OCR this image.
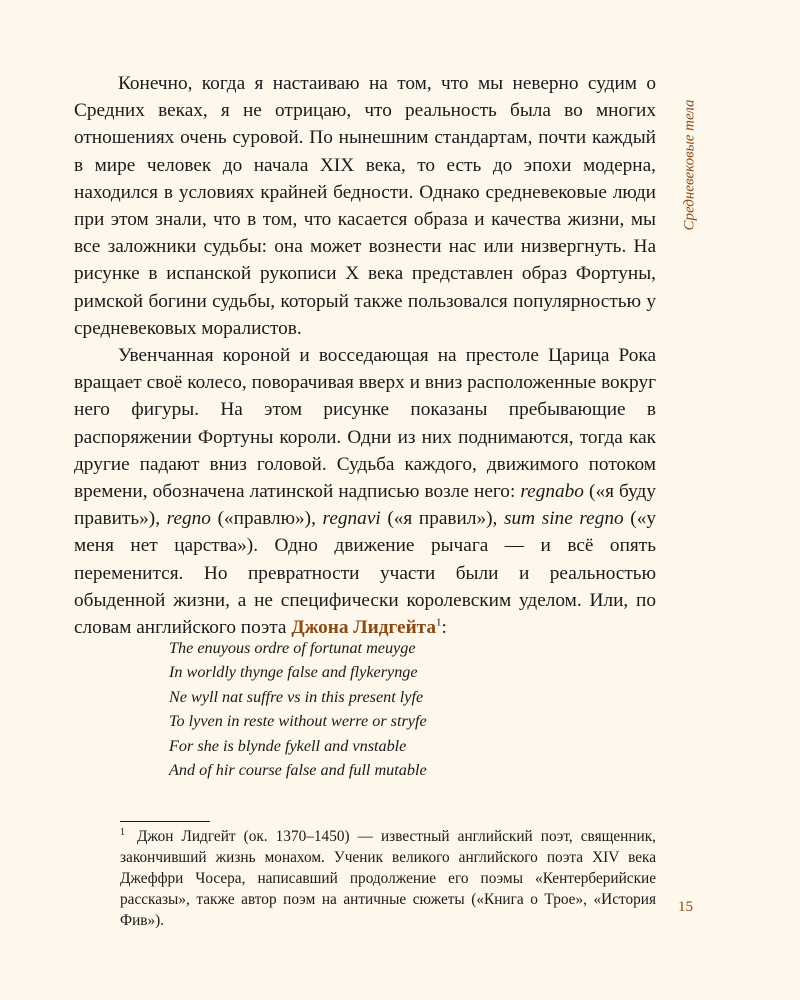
Средневековые тела

Конечно, когда я настаиваю на том, что мы неверно судим о Средних веках, я не отрицаю, что реальность была во многих отношениях очень суровой. По нынешним стандартам, почти каждый в мире человек до начала XIX века, то есть до эпохи модерна, находился в условиях крайней бедности. Однако средневековые люди при этом знали, что в том, что касается образа и качества жизни, мы все заложники судьбы: она может вознести нас или низвергнуть. На рисунке в испанской рукописи X века представлен образ Фортуны, римской богини судьбы, который также пользовался популярностью у средневековых моралистов.

Увенчанная короной и восседающая на престоле Царица Рока вращает своё колесо, поворачивая вверх и вниз расположенные вокруг него фигуры. На этом рисунке показаны пребывающие в распоряжении Фортуны короли. Одни из них поднимаются, тогда как другие падают вниз головой. Судьба каждого, движимого потоком времени, обозначена латинской надписью возле него: regnabo («я буду править»), regno («правлю»), regnavi («я правил»), sum sine regno («у меня нет царства»). Одно движение рычага — и всё опять переменится. Но превратности участи были и реальностью обыденной жизни, а не специфически королевским уделом. Или, по словам английского поэта Джона Лидгейта$^1$:

The enuyous ordre of fortunat meuyge
In worldly thynge false and flykerynge
Ne wyll nat suffre vs in this present lyfe
To lyven in reste without werre or stryfe
For she is blynde fykell and vnstable
And of hir course false and full mutable
$^1$ Джон Лидгейт (ок. 1370–1450) — известный английский поэт, священник, закончивший жизнь монахом. Ученик великого английского поэта XIV века Джеффри Чосера, написавший продолжение его поэмы «Кентерберийские рассказы», также автор поэм на античные сюжеты («Книга о Трое», «История Фив»).
15
